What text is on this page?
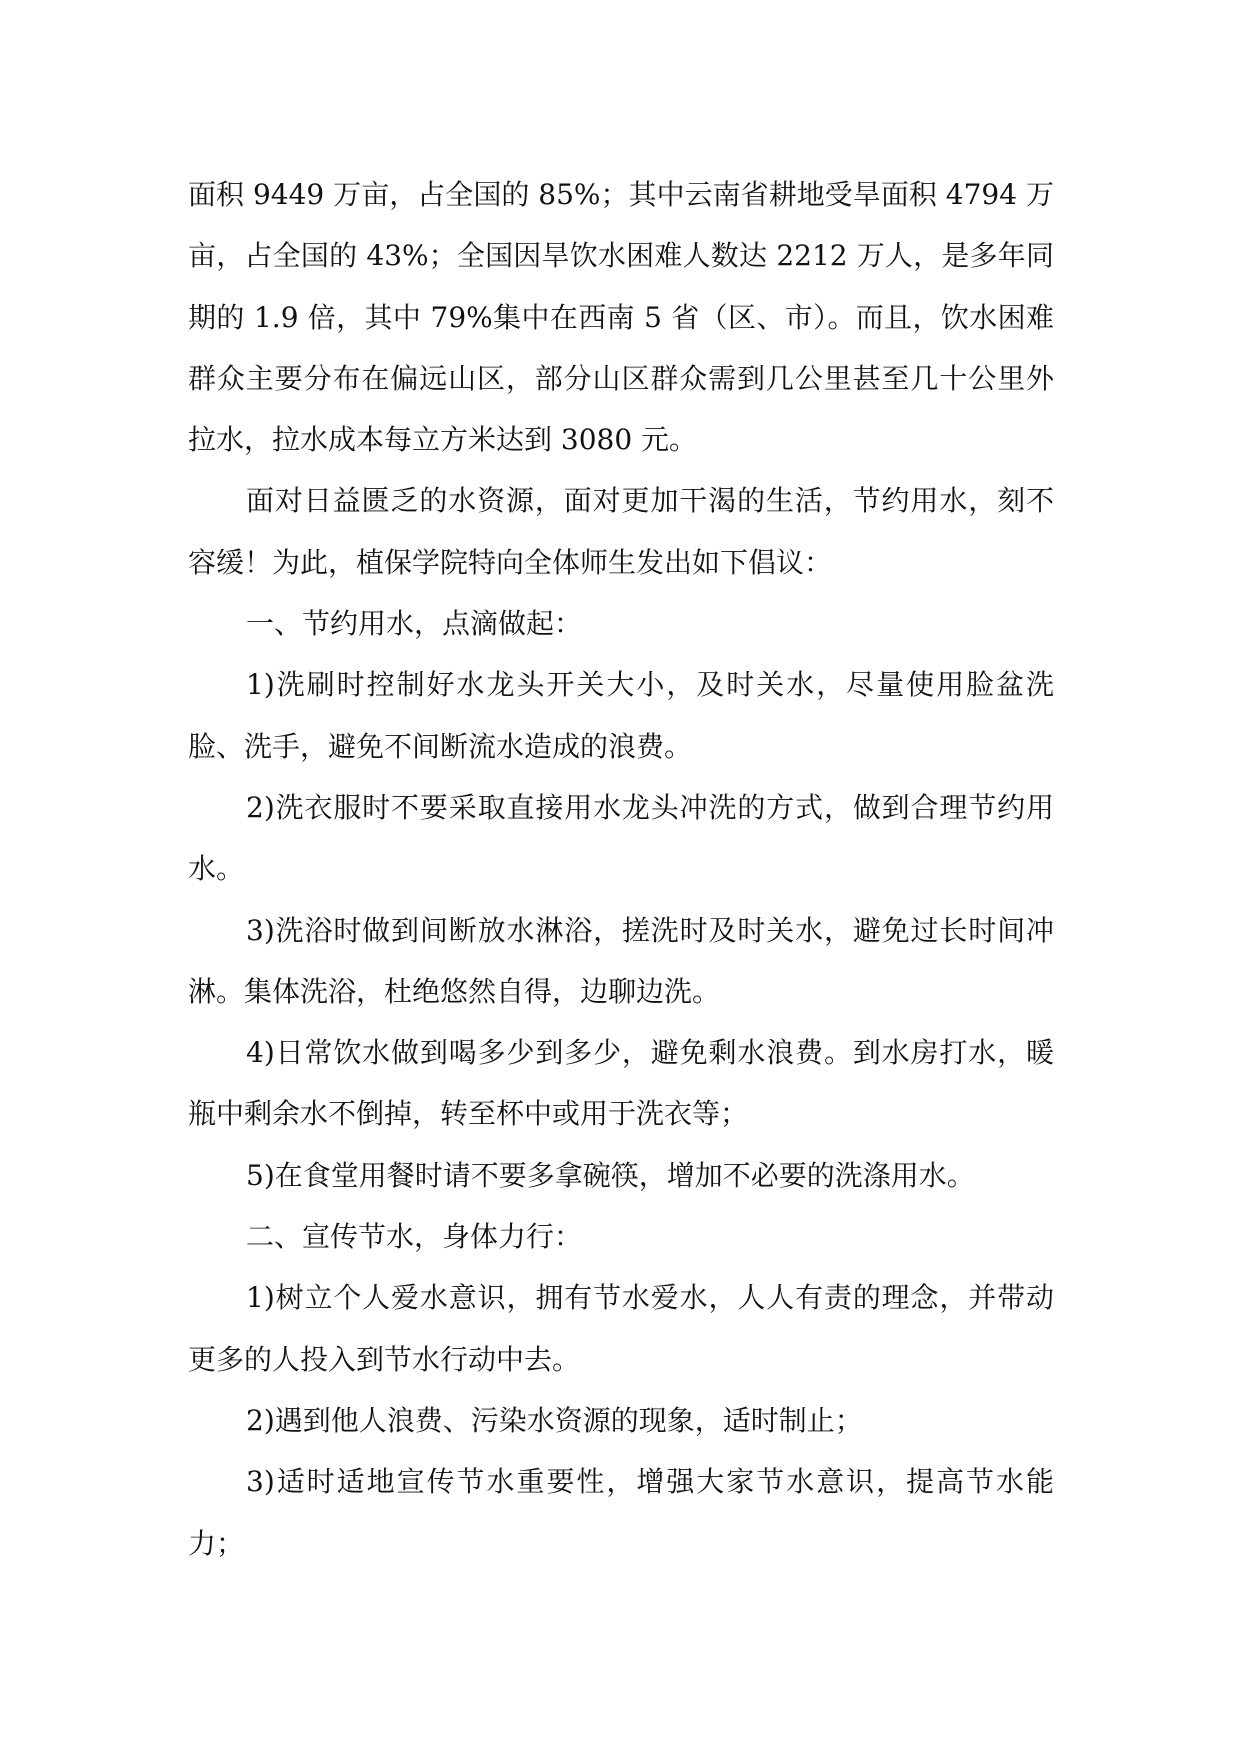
面积 9449 万亩，占全国的 85%；其中云南省耕地受旱面积 4794 万亩，占全国的 43%；全国因旱饮水困难人数达 2212 万人，是多年同期的 1.9 倍，其中 79%集中在西南 5 省（区、市）。而且，饮水困难群众主要分布在偏远山区，部分山区群众需到几公里甚至几十公里外拉水，拉水成本每立方米达到 3080 元。

面对日益匮乏的水资源，面对更加干渴的生活，节约用水，刻不容缓！为此，植保学院特向全体师生发出如下倡议：

一、节约用水，点滴做起：

1)洗刷时控制好水龙头开关大小，及时关水，尽量使用脸盆洗脸、洗手，避免不间断流水造成的浪费。

2)洗衣服时不要采取直接用水龙头冲洗的方式，做到合理节约用水。

3)洗浴时做到间断放水淋浴，搓洗时及时关水，避免过长时间冲淋。集体洗浴，杜绝悠然自得，边聊边洗。

4)日常饮水做到喝多少到多少，避免剩水浪费。到水房打水，暖瓶中剩余水不倒掉，转至杯中或用于洗衣等；

5)在食堂用餐时请不要多拿碗筷，增加不必要的洗涤用水。

二、宣传节水，身体力行：

1)树立个人爱水意识，拥有节水爱水，人人有责的理念，并带动更多的人投入到节水行动中去。

2)遇到他人浪费、污染水资源的现象，适时制止；

3)适时适地宣传节水重要性，增强大家节水意识，提高节水能力；
